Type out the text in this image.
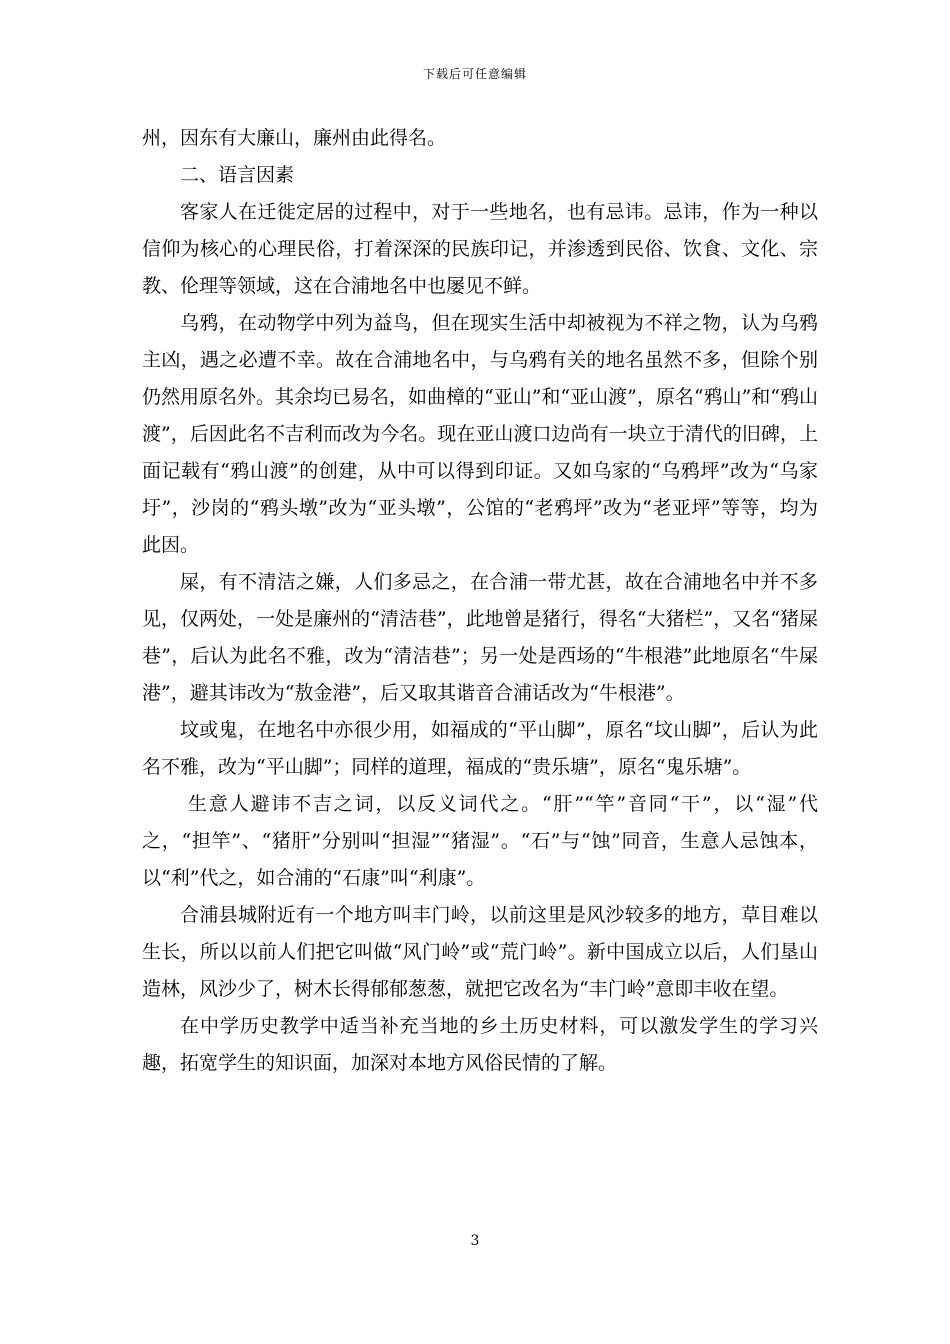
下载后可任意编辑

州，因东有大廉山，廉州由此得名。

二、语言因素

客家人在迁徙定居的过程中，对于一些地名，也有忌讳。忌讳，作为一种以信仰为核心的心理民俗，打着深深的民族印记，并渗透到民俗、饮食、文化、宗教、伦理等领域，这在合浦地名中也屡见不鲜。

乌鸦，在动物学中列为益鸟，但在现实生活中却被视为不祥之物，认为乌鸦主凶，遇之必遭不幸。故在合浦地名中，与乌鸦有关的地名虽然不多，但除个别仍然用原名外。其余均已易名，如曲樟的“亚山”和“亚山渡”，原名“鸦山”和“鸦山渡”，后因此名不吉利而改为今名。现在亚山渡口边尚有一块立于清代的旧碑，上面记载有“鸦山渡”的创建，从中可以得到印证。又如乌家的“乌鸦坪”改为“乌家圩”，沙岗的“鸦头墩”改为“亚头墩”，公馆的“老鸦坪”改为“老亚坪”等等，均为此因。

屎，有不清洁之嫌，人们多忌之，在合浦一带尤甚，故在合浦地名中并不多见，仅两处，一处是廉州的“清洁巷”，此地曾是猪行，得名“大猪栏”，又名“猪屎巷”，后认为此名不雅，改为“清洁巷”；另一处是西场的“牛根港”此地原名“牛屎港”，避其讳改为“敖金港”，后又取其谐音合浦话改为“牛根港”。

坟或鬼，在地名中亦很少用，如福成的“平山脚”，原名“坟山脚”，后认为此名不雅，改为“平山脚”；同样的道理，福成的“贵乐塘”，原名“鬼乐塘”。

生意人避讳不吉之词，以反义词代之。“肝”“竿”音同“干”，以“湿”代之，“担竿”、“猪肝”分别叫“担湿”“猪湿”。“石”与“蚀”同音，生意人忌蚀本，以“利”代之，如合浦的“石康”叫“利康”。

合浦县城附近有一个地方叫丰门岭，以前这里是风沙较多的地方，草目难以生长，所以以前人们把它叫做“风门岭”或“荒门岭”。新中国成立以后，人们垦山造林，风沙少了，树木长得郁郁葱葱，就把它改名为“丰门岭”意即丰收在望。

在中学历史教学中适当补充当地的乡土历史材料，可以激发学生的学习兴趣，拓宽学生的知识面，加深对本地方风俗民情的了解。

3
